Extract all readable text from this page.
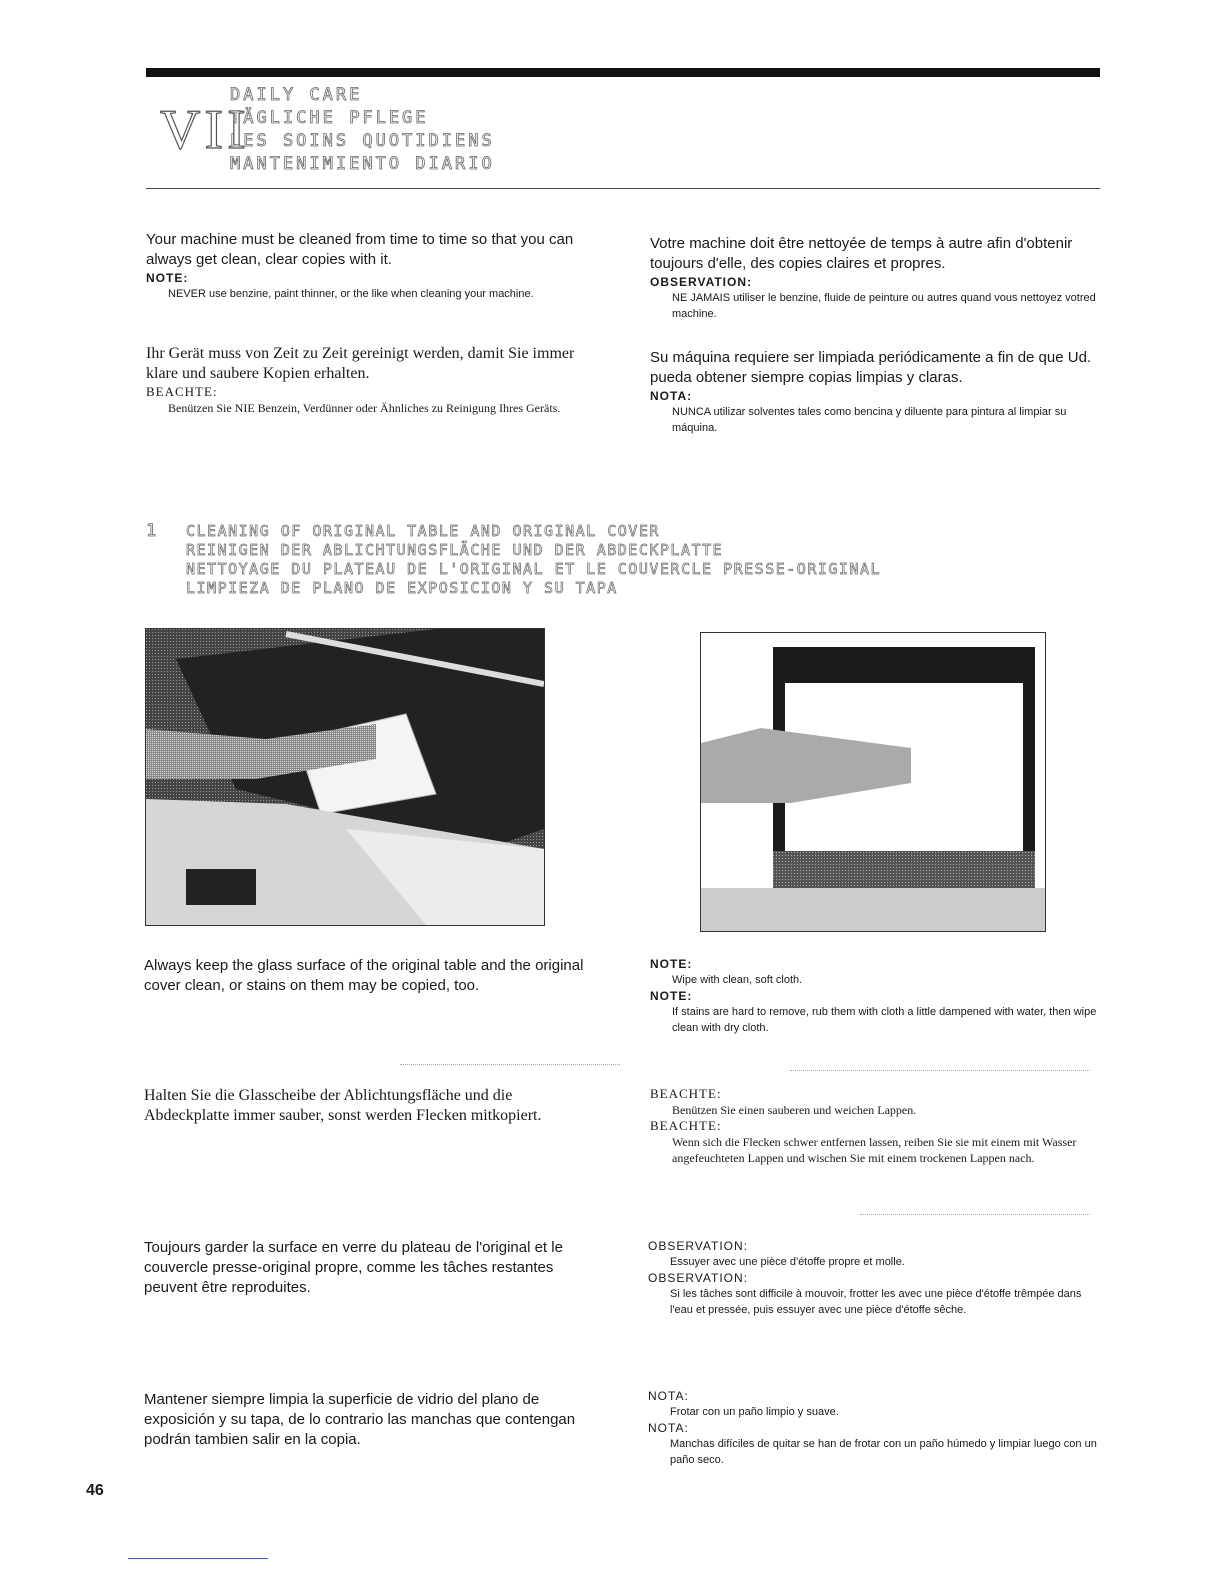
VII
DAILY CARE
TÄGLICHE PFLEGE
LES SOINS QUOTIDIENS
MANTENIMIENTO DIARIO
Your machine must be cleaned from time to time so that you can always get clean, clear copies with it.
NOTE:
NEVER use benzine, paint thinner, or the like when cleaning your machine.
Votre machine doit être nettoyée de temps à autre afin d'obtenir toujours d'elle, des copies claires et propres.
OBSERVATION:
NE JAMAIS utiliser le benzine, fluide de peinture ou autres quand vous nettoyez votred machine.
Ihr Gerät muss von Zeit zu Zeit gereinigt werden, damit Sie immer klare und saubere Kopien erhalten.
BEACHTE:
Benützen Sie NIE Benzein, Verdünner oder Ähnliches zu Reinigung Ihres Geräts.
Su máquina requiere ser limpiada periódicamente a fin de que Ud. pueda obtener siempre copias limpias y claras.
NOTA:
NUNCA utilizar solventes tales como bencina y diluente para pintura al limpiar su máquina.
1 CLEANING OF ORIGINAL TABLE AND ORIGINAL COVER
REINIGEN DER ABLICHTUNGSFLÄCHE UND DER ABDECKPLATTE
NETTOYAGE DU PLATEAU DE L'ORIGINAL ET LE COUVERCLE PRESSE-ORIGINAL
LIMPIEZA DE PLANO DE EXPOSICION Y SU TAPA
Always keep the glass surface of the original table and the original cover clean, or stains on them may be copied, too.
NOTE:
Wipe with clean, soft cloth.
NOTE:
If stains are hard to remove, rub them with cloth a little dampened with water, then wipe clean with dry cloth.
Halten Sie die Glasscheibe der Ablichtungsfläche und die Abdeckplatte immer sauber, sonst werden Flecken mitkopiert.
BEACHTE:
Benützen Sie einen sauberen und weichen Lappen.
BEACHTE:
Wenn sich die Flecken schwer entfernen lassen, reiben Sie sie mit einem mit Wasser angefeuchteten Lappen und wischen Sie mit einem trockenen Lappen nach.
Toujours garder la surface en verre du plateau de l'original et le couvercle presse-original propre, comme les tâches restantes peuvent être reproduites.
OBSERVATION:
Essuyer avec une pièce d'étoffe propre et molle.
OBSERVATION:
Si les tâches sont difficile à mouvoir, frotter les avec une pièce d'étoffe trêmpée dans l'eau et pressée, puis essuyer avec une pièce d'étoffe sêche.
Mantener siempre limpia la superficie de vidrio del plano de exposición y su tapa, de lo contrario las manchas que contengan podrán tambien salir en la copia.
NOTA:
Frotar con un paño limpio y suave.
NOTA:
Manchas difíciles de quitar se han de frotar con un paño húmedo y limpiar luego con un paño seco.
46
